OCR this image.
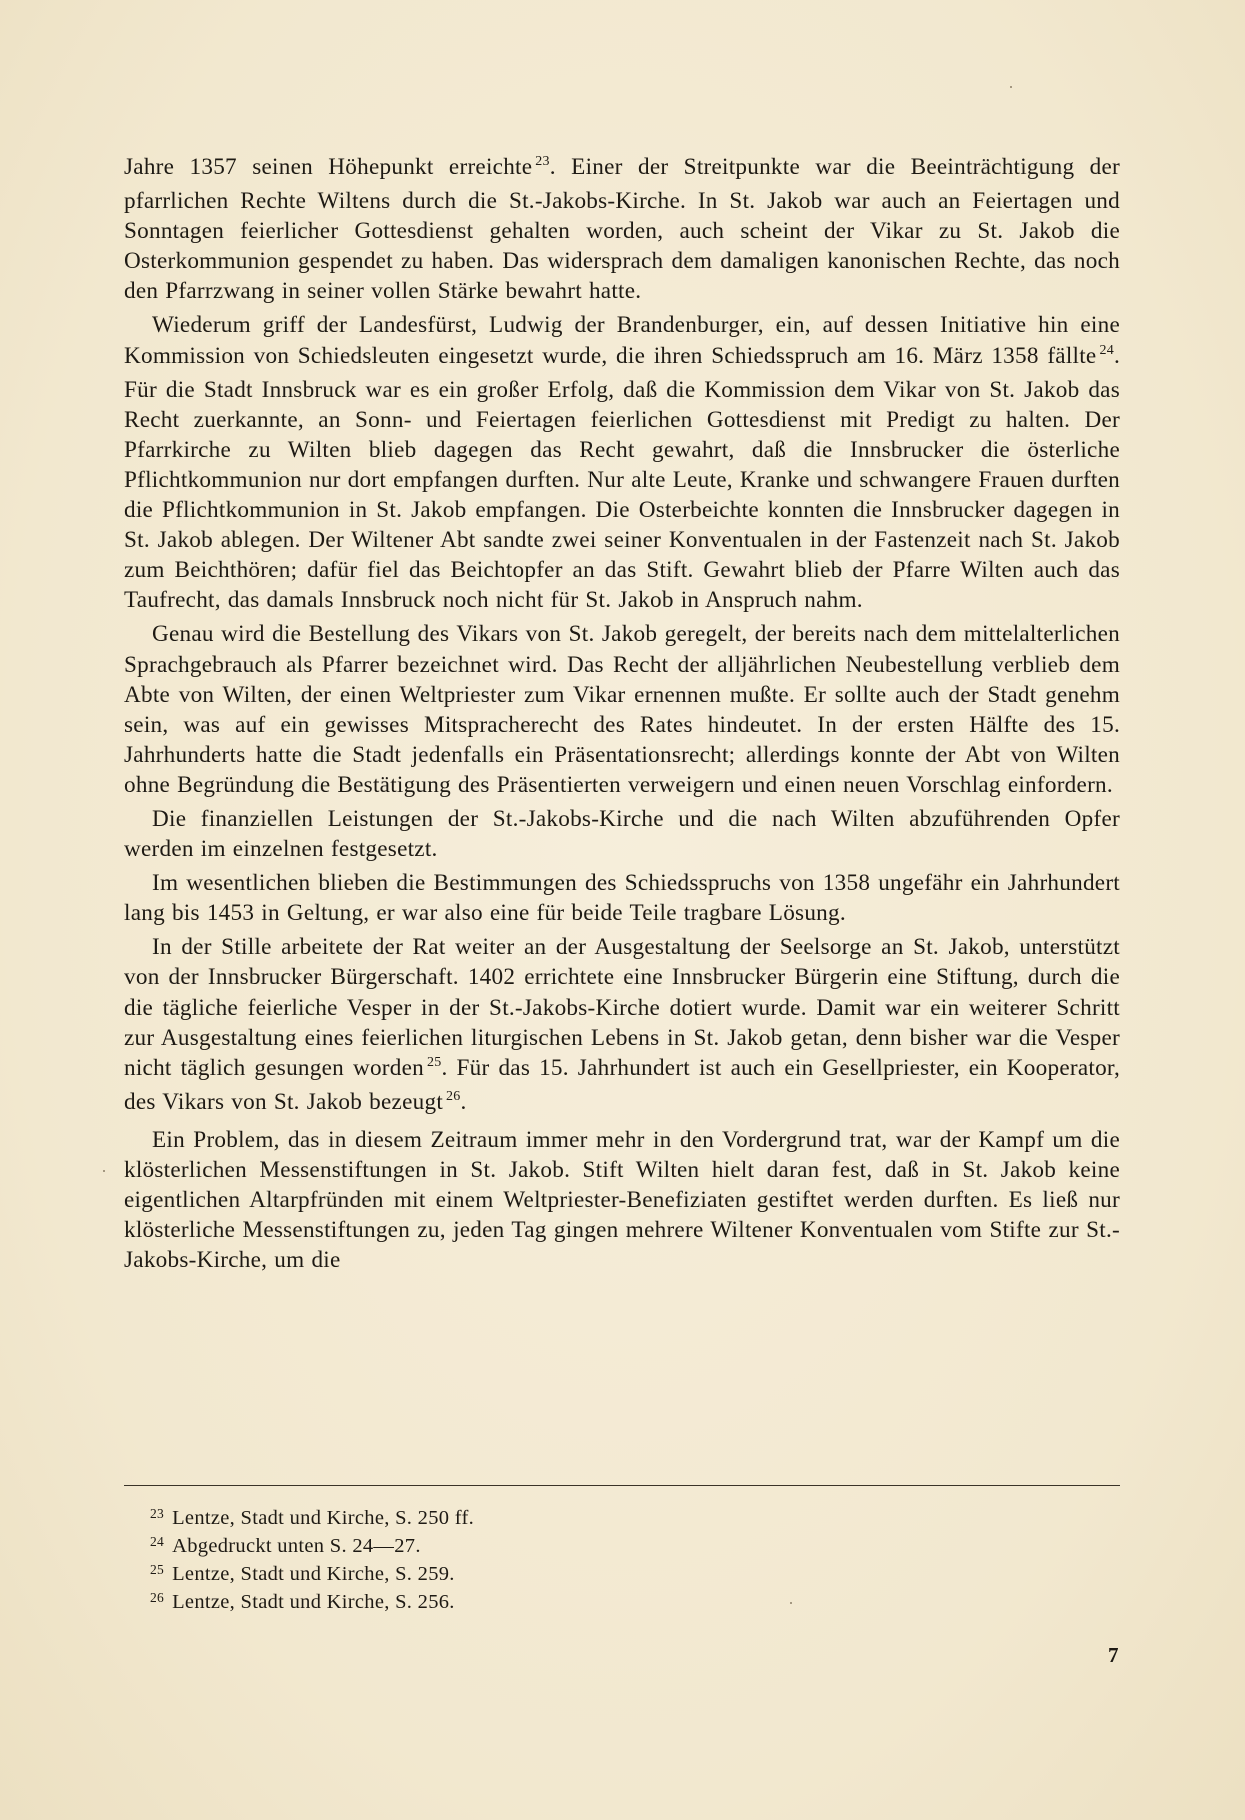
Jahre 1357 seinen Höhepunkt erreichte $^{23}$. Einer der Streitpunkte war die Beeinträchtigung der pfarrlichen Rechte Wiltens durch die St.-Jakobs-Kirche. In St. Jakob war auch an Feiertagen und Sonntagen feierlicher Gottesdienst gehalten worden, auch scheint der Vikar zu St. Jakob die Osterkommunion gespendet zu haben. Das widersprach dem damaligen kanonischen Rechte, das noch den Pfarrzwang in seiner vollen Stärke bewahrt hatte.

Wiederum griff der Landesfürst, Ludwig der Brandenburger, ein, auf dessen Initiative hin eine Kommission von Schiedsleuten eingesetzt wurde, die ihren Schiedsspruch am 16. März 1358 fällte $^{24}$. Für die Stadt Innsbruck war es ein großer Erfolg, daß die Kommission dem Vikar von St. Jakob das Recht zuerkannte, an Sonn- und Feiertagen feierlichen Gottesdienst mit Predigt zu halten. Der Pfarrkirche zu Wilten blieb dagegen das Recht gewahrt, daß die Innsbrucker die österliche Pflichtkommunion nur dort empfangen durften. Nur alte Leute, Kranke und schwangere Frauen durften die Pflichtkommunion in St. Jakob empfangen. Die Osterbeichte konnten die Innsbrucker dagegen in St. Jakob ablegen. Der Wiltener Abt sandte zwei seiner Konventualen in der Fastenzeit nach St. Jakob zum Beichthören; dafür fiel das Beichtopfer an das Stift. Gewahrt blieb der Pfarre Wilten auch das Taufrecht, das damals Innsbruck noch nicht für St. Jakob in Anspruch nahm.

Genau wird die Bestellung des Vikars von St. Jakob geregelt, der bereits nach dem mittelalterlichen Sprachgebrauch als Pfarrer bezeichnet wird. Das Recht der alljährlichen Neubestellung verblieb dem Abte von Wilten, der einen Weltpriester zum Vikar ernennen mußte. Er sollte auch der Stadt genehm sein, was auf ein gewisses Mitspracherecht des Rates hindeutet. In der ersten Hälfte des 15. Jahrhunderts hatte die Stadt jedenfalls ein Präsentationsrecht; allerdings konnte der Abt von Wilten ohne Begründung die Bestätigung des Präsentierten verweigern und einen neuen Vorschlag einfordern.

Die finanziellen Leistungen der St.-Jakobs-Kirche und die nach Wilten abzuführenden Opfer werden im einzelnen festgesetzt.

Im wesentlichen blieben die Bestimmungen des Schiedsspruchs von 1358 ungefähr ein Jahrhundert lang bis 1453 in Geltung, er war also eine für beide Teile tragbare Lösung.

In der Stille arbeitete der Rat weiter an der Ausgestaltung der Seelsorge an St. Jakob, unterstützt von der Innsbrucker Bürgerschaft. 1402 errichtete eine Innsbrucker Bürgerin eine Stiftung, durch die die tägliche feierliche Vesper in der St.-Jakobs-Kirche dotiert wurde. Damit war ein weiterer Schritt zur Ausgestaltung eines feierlichen liturgischen Lebens in St. Jakob getan, denn bisher war die Vesper nicht täglich gesungen worden $^{25}$. Für das 15. Jahrhundert ist auch ein Gesellpriester, ein Kooperator, des Vikars von St. Jakob bezeugt $^{26}$.

Ein Problem, das in diesem Zeitraum immer mehr in den Vordergrund trat, war der Kampf um die klösterlichen Messenstiftungen in St. Jakob. Stift Wilten hielt daran fest, daß in St. Jakob keine eigentlichen Altarpfründen mit einem Weltpriester-Benefiziaten gestiftet werden durften. Es ließ nur klösterliche Messenstiftungen zu, jeden Tag gingen mehrere Wiltener Konventualen vom Stifte zur St.-Jakobs-Kirche, um die

$^{23}$ Lentze, Stadt und Kirche, S. 250 ff.

$^{24}$ Abgedruckt unten S. 24—27.

$^{25}$ Lentze, Stadt und Kirche, S. 259.

$^{26}$ Lentze, Stadt und Kirche, S. 256.

7
